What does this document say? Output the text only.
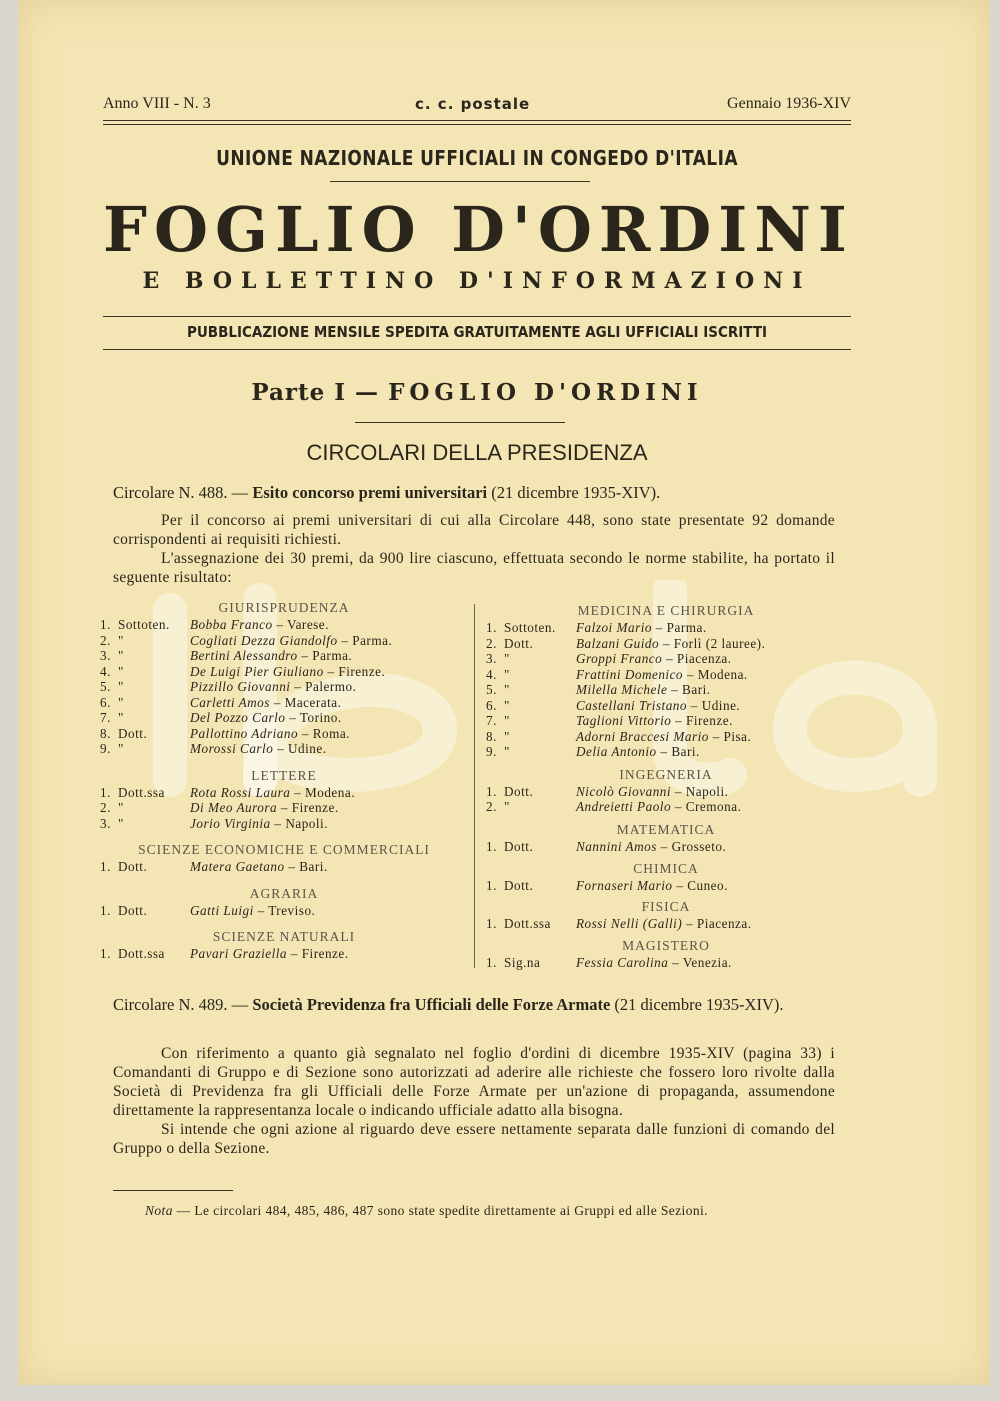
Anno VIII - N. 3	c. c. postale	Gennaio 1936-XIV
UNIONE NAZIONALE UFFICIALI IN CONGEDO D'ITALIA
FOGLIO D'ORDINI
E BOLLETTINO D'INFORMAZIONI
PUBBLICAZIONE MENSILE SPEDITA GRATUITAMENTE AGLI UFFICIALI ISCRITTI
Parte I — FOGLIO D'ORDINI
CIRCOLARI DELLA PRESIDENZA
Circolare N. 488. — Esito concorso premi universitari (21 dicembre 1935-XIV).

Per il concorso ai premi universitari di cui alla Circolare 448, sono state presentate 92 domande corrispondenti ai requisiti richiesti.

L'assegnazione dei 30 premi, da 900 lire ciascuno, effettuata secondo le norme stabilite, ha portato il seguente risultato:

GIURISPRUDENZA
1. Sottoten. Bobba Franco – Varese.
2. "	Cogliati Dezza Giandolfo – Parma.
3. "	Bertini Alessandro – Parma.
4. "	De Luigi Pier Giuliano – Firenze.
5. "	Pizzillo Giovanni – Palermo.
6. "	Carletti Amos – Macerata.
7. "	Del Pozzo Carlo – Torino.
8. Dott.	Pallottino Adriano – Roma.
9. "	Morossi Carlo – Udine.
LETTERE
1. Dott.ssa Rota Rossi Laura – Modena.
2. "	Di Meo Aurora – Firenze.
3. "	Jorio Virginia – Napoli.
SCIENZE ECONOMICHE E COMMERCIALI
1. Dott.	Matera Gaetano – Bari.
AGRARIA
1. Dott.	Gatti Luigi – Treviso.
SCIENZE NATURALI
1. Dott.ssa Pavari Graziella – Firenze.
MEDICINA E CHIRURGIA
1. Sottoten. Falzoi Mario – Parma.
2. Dott.	Balzani Guido – Forlì (2 lauree).
3. "	Groppi Franco – Piacenza.
4. "	Frattini Domenico – Modena.
5. "	Milella Michele – Bari.
6. "	Castellani Tristano – Udine.
7. "	Taglioni Vittorio – Firenze.
8. "	Adorni Braccesi Mario – Pisa.
9. "	Delia Antonio – Bari.
INGEGNERIA
1. Dott.	Nicolò Giovanni – Napoli.
2. "	Andreietti Paolo – Cremona.
MATEMATICA
1. Dott.	Nannini Amos – Grosseto.
CHIMICA
1. Dott.	Fornaseri Mario – Cuneo.
FISICA
1. Dott.ssa Rossi Nelli (Galli) – Piacenza.
MAGISTERO
1. Sig.na	Fessia Carolina – Venezia.
Circolare N. 489. — Società Previdenza fra Ufficiali delle Forze Armate (21 dicembre 1935-XIV).

Con riferimento a quanto già segnalato nel foglio d'ordini di dicembre 1935-XIV (pagina 33) i Comandanti di Gruppo e di Sezione sono autorizzati ad aderire alle richieste che fossero loro rivolte dalla Società di Previdenza fra gli Ufficiali delle Forze Armate per un'azione di propaganda, assumendone direttamente la rappresentanza locale o indicando ufficiale adatto alla bisogna.

Si intende che ogni azione al riguardo deve essere nettamente separata dalle funzioni di comando del Gruppo o della Sezione.

Nota — Le circolari 484, 485, 486, 487 sono state spedite direttamente ai Gruppi ed alle Sezioni.
